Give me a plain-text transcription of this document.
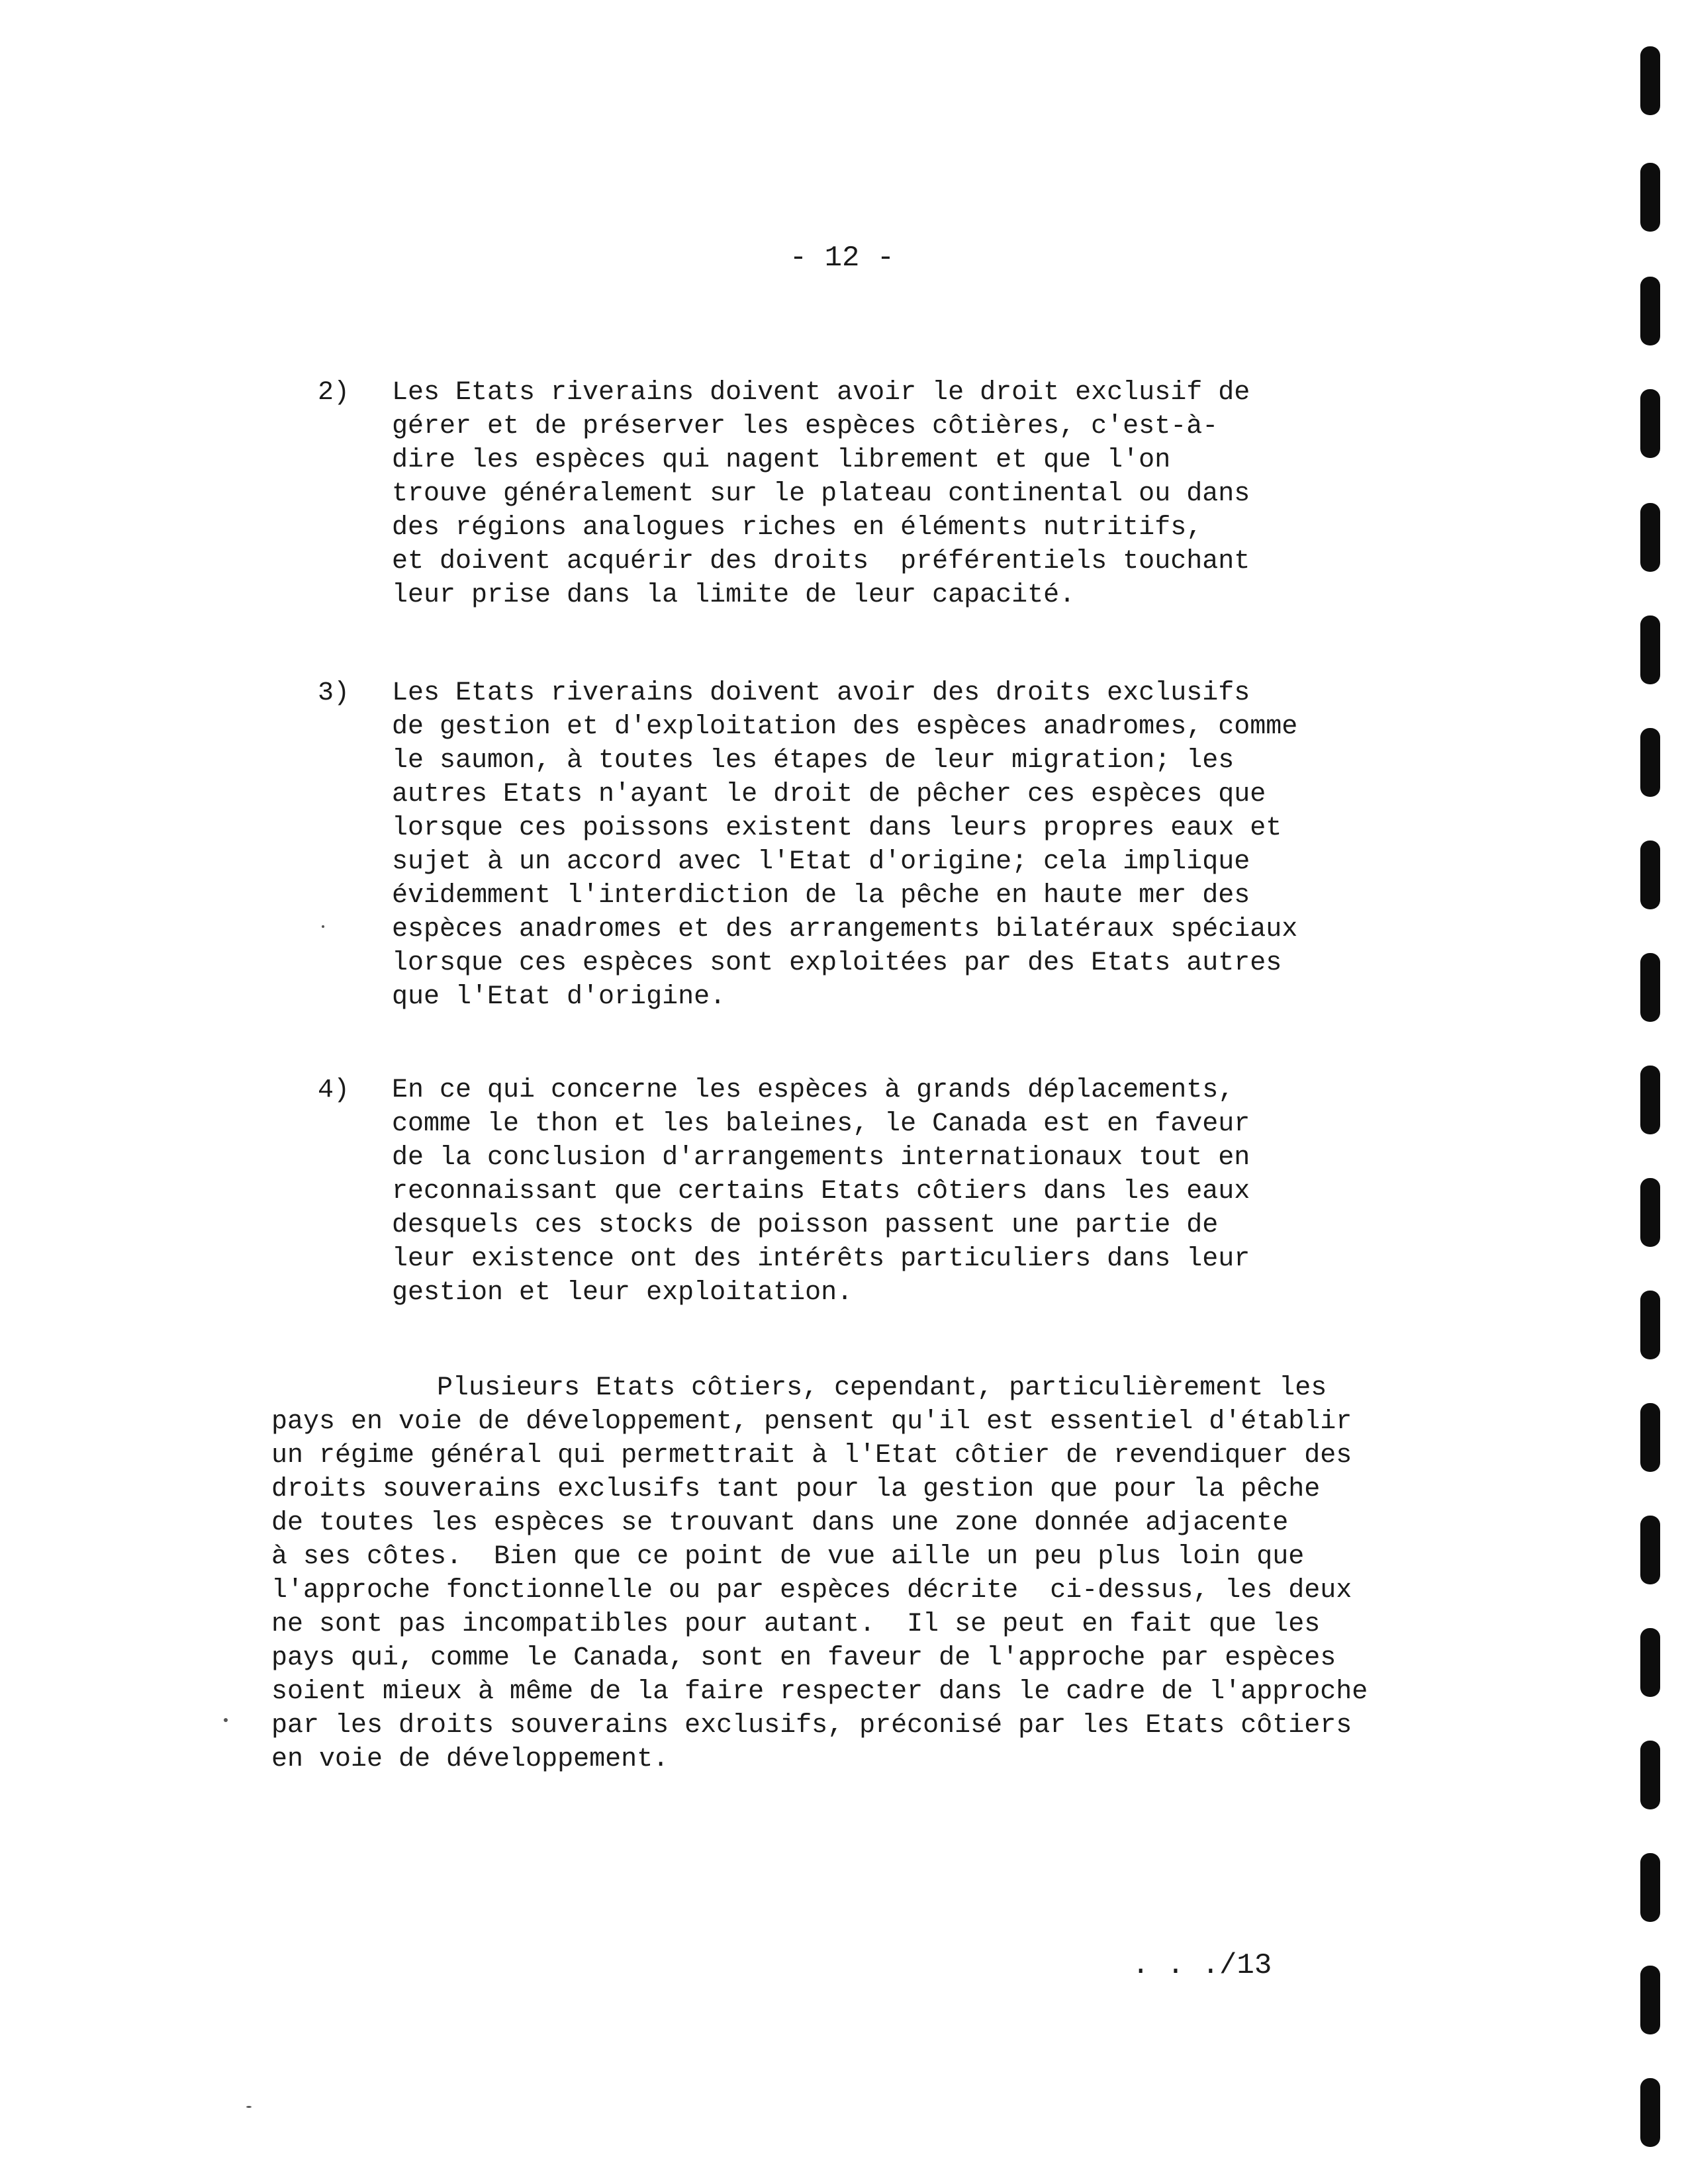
- 12 -
2)	Les Etats riverains doivent avoir le droit exclusif de
gérer et de préserver les espèces côtières, c'est-à-
dire les espèces qui nagent librement et que l'on
trouve généralement sur le plateau continental ou dans
des régions analogues riches en éléments nutritifs,
et doivent acquérir des droits  préférentiels touchant
leur prise dans la limite de leur capacité.
3)	Les Etats riverains doivent avoir des droits exclusifs
de gestion et d'exploitation des espèces anadromes, comme
le saumon, à toutes les étapes de leur migration; les
autres Etats n'ayant le droit de pêcher ces espèces que
lorsque ces poissons existent dans leurs propres eaux et
sujet à un accord avec l'Etat d'origine; cela implique
évidemment l'interdiction de la pêche en haute mer des
espèces anadromes et des arrangements bilatéraux spéciaux
lorsque ces espèces sont exploitées par des Etats autres
que l'Etat d'origine.
4)	En ce qui concerne les espèces à grands déplacements,
comme le thon et les baleines, le Canada est en faveur
de la conclusion d'arrangements internationaux tout en
reconnaissant que certains Etats côtiers dans les eaux
desquels ces stocks de poisson passent une partie de
leur existence ont des intérêts particuliers dans leur
gestion et leur exploitation.
Plusieurs Etats côtiers, cependant, particulièrement les
pays en voie de développement, pensent qu'il est essentiel d'établir
un régime général qui permettrait à l'Etat côtier de revendiquer des
droits souverains exclusifs tant pour la gestion que pour la pêche
de toutes les espèces se trouvant dans une zone donnée adjacente
à ses côtes.  Bien que ce point de vue aille un peu plus loin que
l'approche fonctionnelle ou par espèces décrite  ci-dessus, les deux
ne sont pas incompatibles pour autant.  Il se peut en fait que les
pays qui, comme le Canada, sont en faveur de l'approche par espèces
soient mieux à même de la faire respecter dans le cadre de l'approche
par les droits souverains exclusifs, préconisé par les Etats côtiers
en voie de développement.
. . ./13
